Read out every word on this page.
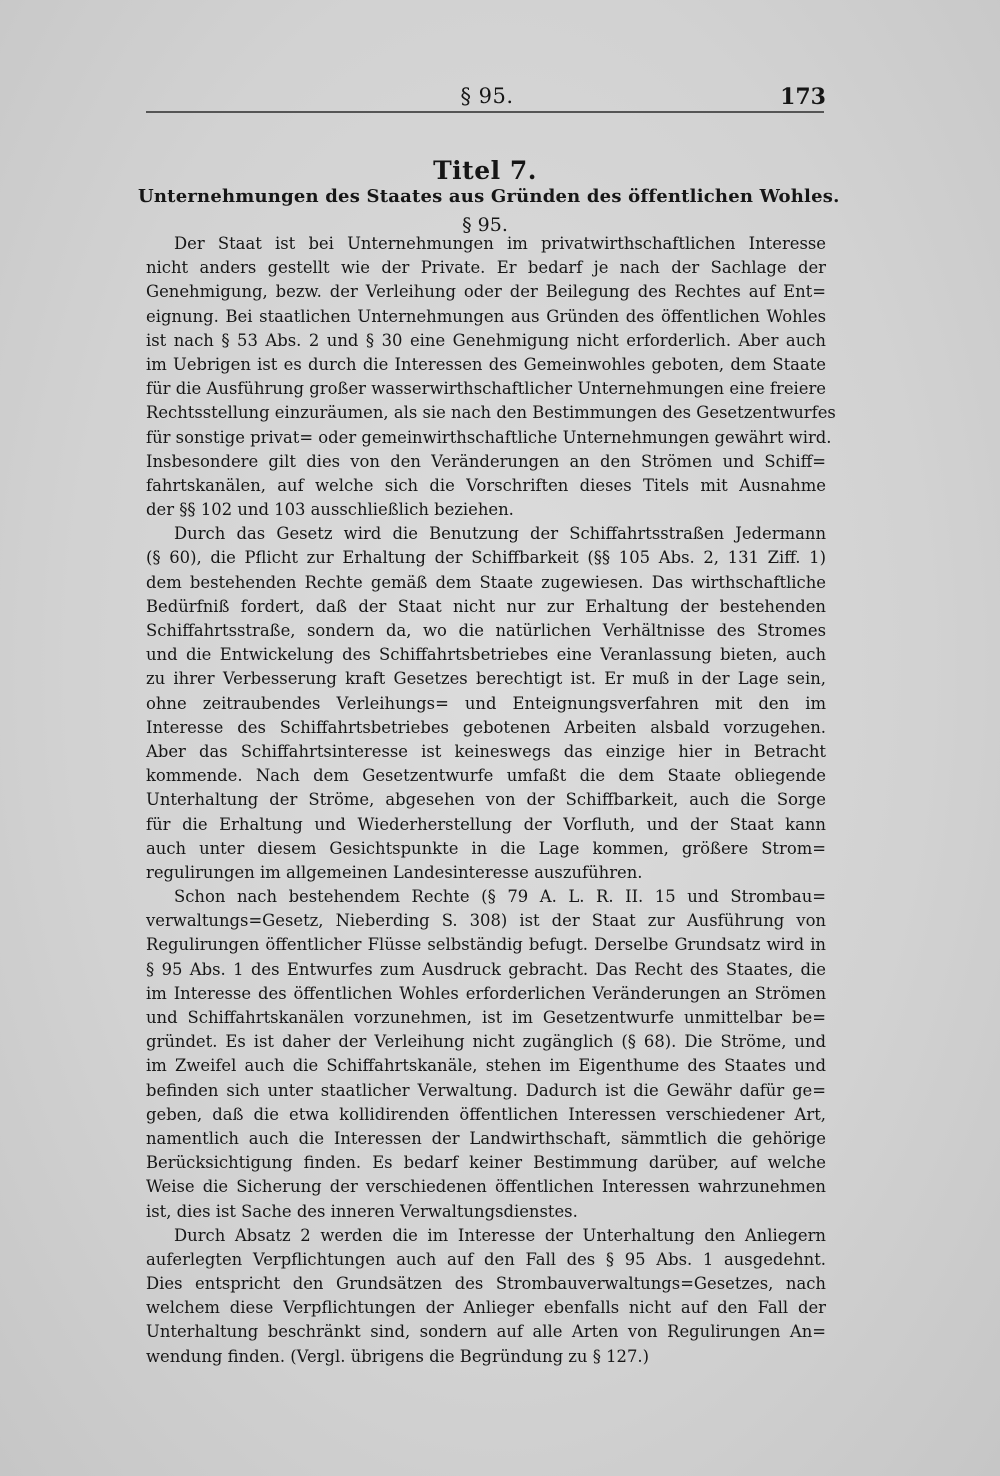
§ 95.	173
Titel 7.
Unternehmungen des Staates aus Gründen des öffentlichen Wohles.
§ 95.
Der Staat ist bei Unternehmungen im privatwirthschaftlichen Interesse
nicht anders gestellt wie der Private. Er bedarf je nach der Sachlage der
Genehmigung, bezw. der Verleihung oder der Beilegung des Rechtes auf Ent=
eignung. Bei staatlichen Unternehmungen aus Gründen des öffentlichen Wohles
ist nach § 53 Abs. 2 und § 30 eine Genehmigung nicht erforderlich. Aber auch
im Uebrigen ist es durch die Interessen des Gemeinwohles geboten, dem Staate
für die Ausführung großer wasserwirthschaftlicher Unternehmungen eine freiere
Rechtsstellung einzuräumen, als sie nach den Bestimmungen des Gesetzentwurfes
für sonstige privat= oder gemeinwirthschaftliche Unternehmungen gewährt wird.
Insbesondere gilt dies von den Veränderungen an den Strömen und Schiff=
fahrtskanälen, auf welche sich die Vorschriften dieses Titels mit Ausnahme
der §§ 102 und 103 ausschließlich beziehen.
Durch das Gesetz wird die Benutzung der Schiffahrtsstraßen Jedermann
(§ 60), die Pflicht zur Erhaltung der Schiffbarkeit (§§ 105 Abs. 2, 131 Ziff. 1)
dem bestehenden Rechte gemäß dem Staate zugewiesen. Das wirthschaftliche
Bedürfniß fordert, daß der Staat nicht nur zur Erhaltung der bestehenden
Schiffahrtsstraße, sondern da, wo die natürlichen Verhältnisse des Stromes
und die Entwickelung des Schiffahrtsbetriebes eine Veranlassung bieten, auch
zu ihrer Verbesserung kraft Gesetzes berechtigt ist. Er muß in der Lage sein,
ohne zeitraubendes Verleihungs= und Enteignungsverfahren mit den im
Interesse des Schiffahrtsbetriebes gebotenen Arbeiten alsbald vorzugehen.
Aber das Schiffahrtsinteresse ist keineswegs das einzige hier in Betracht
kommende. Nach dem Gesetzentwurfe umfaßt die dem Staate obliegende
Unterhaltung der Ströme, abgesehen von der Schiffbarkeit, auch die Sorge
für die Erhaltung und Wiederherstellung der Vorfluth, und der Staat kann
auch unter diesem Gesichtspunkte in die Lage kommen, größere Strom=
regulirungen im allgemeinen Landesinteresse auszuführen.
Schon nach bestehendem Rechte (§ 79 A. L. R. II. 15 und Strombau=
verwaltungs=Gesetz, Nieberding S. 308) ist der Staat zur Ausführung von
Regulirungen öffentlicher Flüsse selbständig befugt. Derselbe Grundsatz wird in
§ 95 Abs. 1 des Entwurfes zum Ausdruck gebracht. Das Recht des Staates, die
im Interesse des öffentlichen Wohles erforderlichen Veränderungen an Strömen
und Schiffahrtskanälen vorzunehmen, ist im Gesetzentwurfe unmittelbar be=
gründet. Es ist daher der Verleihung nicht zugänglich (§ 68). Die Ströme, und
im Zweifel auch die Schiffahrtskanäle, stehen im Eigenthume des Staates und
befinden sich unter staatlicher Verwaltung. Dadurch ist die Gewähr dafür ge=
geben, daß die etwa kollidirenden öffentlichen Interessen verschiedener Art,
namentlich auch die Interessen der Landwirthschaft, sämmtlich die gehörige
Berücksichtigung finden. Es bedarf keiner Bestimmung darüber, auf welche
Weise die Sicherung der verschiedenen öffentlichen Interessen wahrzunehmen
ist, dies ist Sache des inneren Verwaltungsdienstes.
Durch Absatz 2 werden die im Interesse der Unterhaltung den Anliegern
auferlegten Verpflichtungen auch auf den Fall des § 95 Abs. 1 ausgedehnt.
Dies entspricht den Grundsätzen des Strombauverwaltungs=Gesetzes, nach
welchem diese Verpflichtungen der Anlieger ebenfalls nicht auf den Fall der
Unterhaltung beschränkt sind, sondern auf alle Arten von Regulirungen An=
wendung finden. (Vergl. übrigens die Begründung zu § 127.)
